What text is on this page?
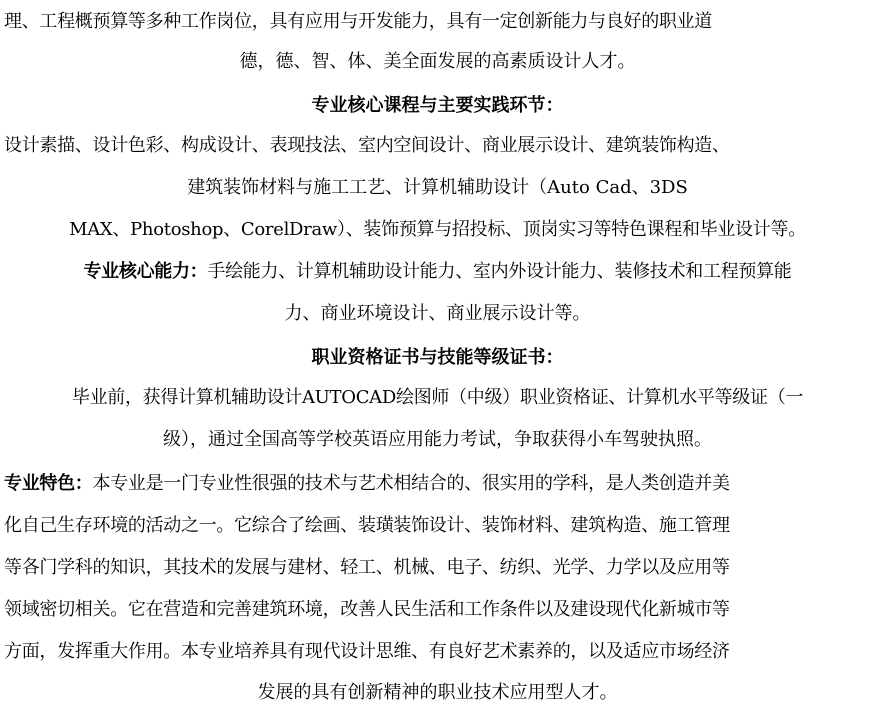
理、工程概预算等多种工作岗位，具有应用与开发能力，具有一定创新能力与良好的职业道
德，德、智、体、美全面发展的高素质设计人才。
专业核心课程与主要实践环节：
设计素描、设计色彩、构成设计、表现技法、室内空间设计、商业展示设计、建筑装饰构造、
建筑装饰材料与施工工艺、计算机辅助设计（Auto Cad、3DS
MAX、Photoshop、CorelDraw）、装饰预算与招投标、顶岗实习等特色课程和毕业设计等。
专业核心能力：手绘能力、计算机辅助设计能力、室内外设计能力、装修技术和工程预算能
力、商业环境设计、商业展示设计等。
职业资格证书与技能等级证书：
毕业前，获得计算机辅助设计AUTOCAD绘图师（中级）职业资格证、计算机水平等级证（一
级），通过全国高等学校英语应用能力考试，争取获得小车驾驶执照。
专业特色：本专业是一门专业性很强的技术与艺术相结合的、很实用的学科，是人类创造并美
化自己生存环境的活动之一。它综合了绘画、装璜装饰设计、装饰材料、建筑构造、施工管理
等各门学科的知识，其技术的发展与建材、轻工、机械、电子、纺织、光学、力学以及应用等
领域密切相关。它在营造和完善建筑环境，改善人民生活和工作条件以及建设现代化新城市等
方面，发挥重大作用。本专业培养具有现代设计思维、有良好艺术素养的，以及适应市场经济
发展的具有创新精神的职业技术应用型人才。
